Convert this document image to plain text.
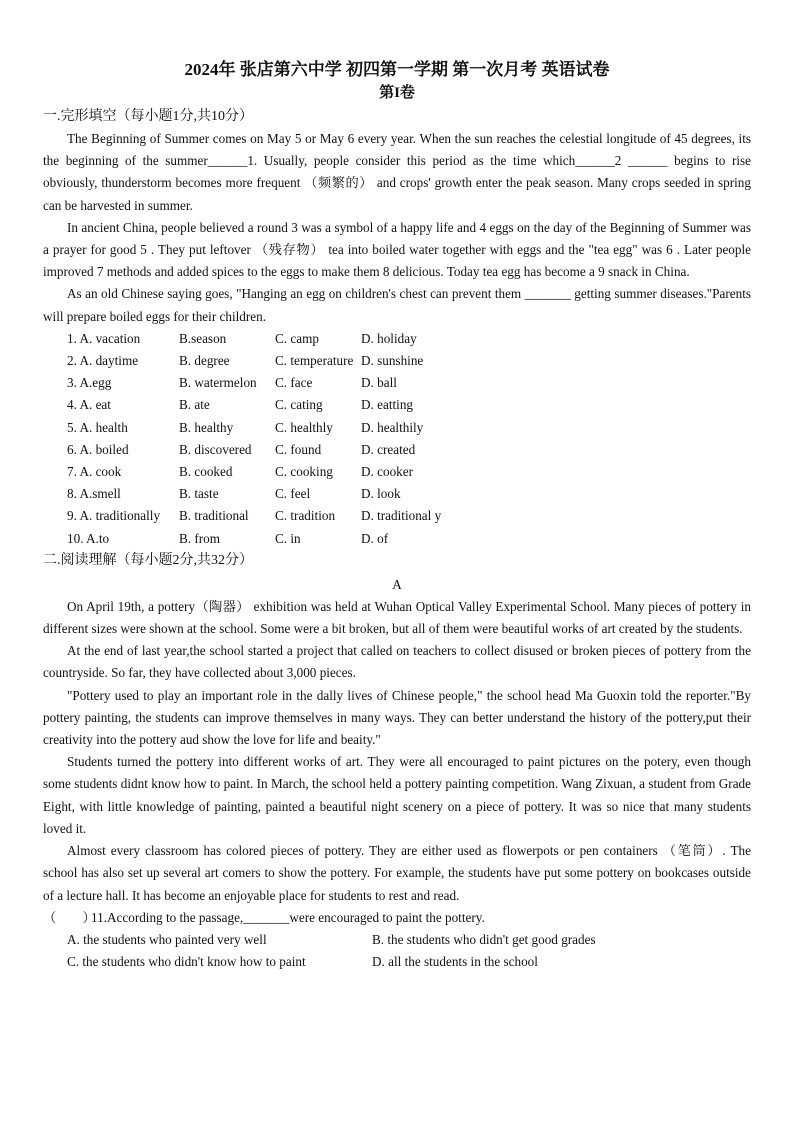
2024年 张店第六中学 初四第一学期 第一次月考 英语试卷

第I卷

一.完形填空（每小题1分,共10分）

The Beginning of Summer comes on May 5 or May 6 every year. When the sun reaches the celestial longitude of 45 degrees, its the beginning of the summer______1. Usually, people consider this period as the time which______2 ______ begins to rise obviously, thunderstorm becomes more frequent （频繁的） and crops' growth enter the peak season. Many crops seeded in spring can be harvested in summer.

In ancient China, people believed a round 3 was a symbol of a happy life and 4 eggs on the day of the Beginning of Summer was a prayer for good 5 . They put leftover （残存物） tea into boiled water together with eggs and the "tea egg" was 6 . Later people improved 7 methods and added spices to the eggs to make them 8 delicious. Today tea egg has become a 9 snack in China.

As an old Chinese saying goes, "Hanging an egg on children's chest can prevent them _______ getting summer diseases."Parents will prepare boiled eggs for their children.

1. A. vacation	B.season	C. camp	D. holiday
2. A. daytime	B. degree	C. temperature D. sunshine
3. A.egg	B. watermelon	C. face	D. ball
4. A. eat	B. ate	C. cating	D. eatting
5. A. health	B. healthy	C. healthly	D. healthily
6. A. boiled	B. discovered	C. found	D. created
7. A. cook	B. cooked	C. cooking	D. cooker
8. A.smell	B. taste	C. feel	D. look
9. A. traditionally	B. traditional	C. tradition	D. traditional y
10. A.to	B. from	C. in	D. of

二.阅读理解（每小题2分,共32分）

A

On April 19th, a pottery（陶器） exhibition was held at Wuhan Optical Valley Experimental School. Many pieces of pottery in different sizes were shown at the school. Some were a bit broken, but all of them were beautiful works of art created by the students.

At the end of last year,the school started a project that called on teachers to collect disused or broken pieces of pottery from the countryside. So far, they have collected about 3,000 pieces.

"Pottery used to play an important role in the dally lives of Chinese people," the school head Ma Guoxin told the reporter."By pottery painting, the students can improve themselves in many ways. They can better understand the history of the pottery,put their creativity into the pottery aud show the love for life and beaity."

Students turned the pottery into different works of art. They were all encouraged to paint pictures on the potery, even though some students didnt know how to paint. In March, the school held a pottery painting competition. Wang Zixuan, a student from Grade Eight, with little knowledge of painting, painted a beautiful night scenery on a piece of pottery. It was so nice that many students loved it.

Almost every classroom has colored pieces of pottery. They are either used as flowerpots or pen containers （笔筒）. The school has also set up several art comers to show the pottery. For example, the students have put some pottery on bookcases outside of a lecture hall. It has become an enjoyable place for students to rest and read.

（　　）11.According to the passage,_______were encouraged to paint the pottery.

A. the students who painted very well	B. the students who didn't get good grades
C. the students who didn't know how to paint	D. all the students in the school
